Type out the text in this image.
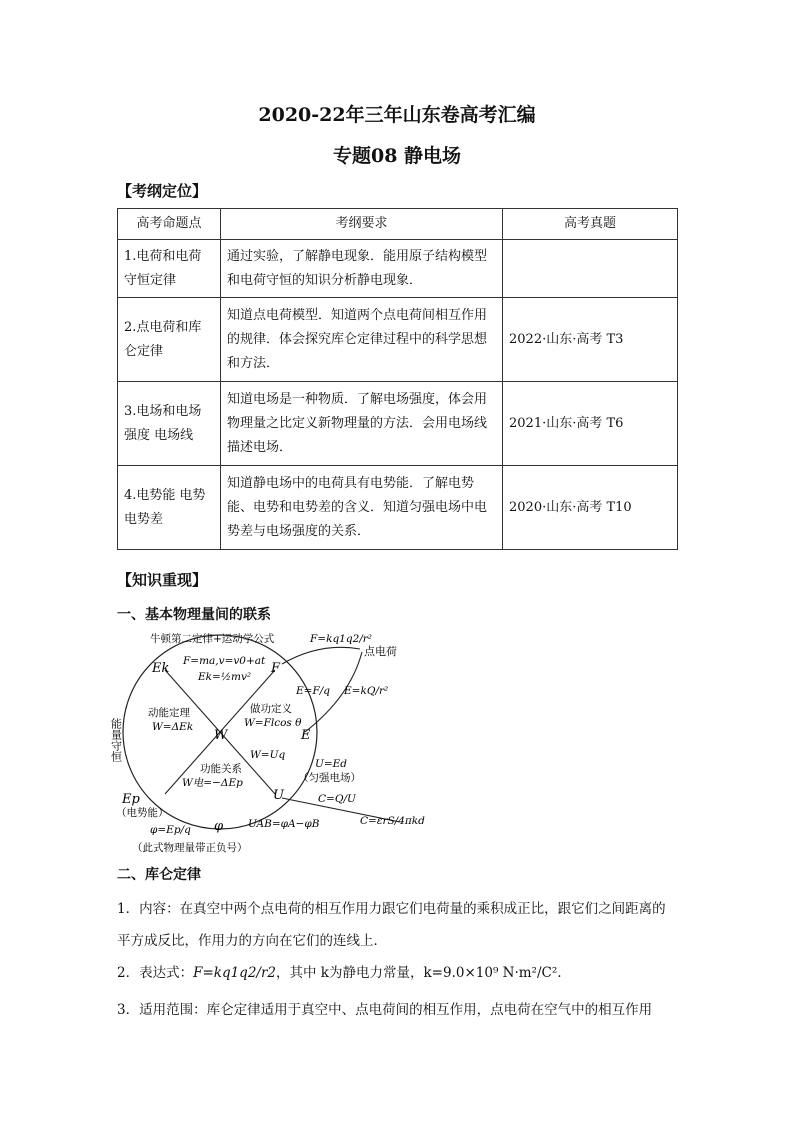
2020-22年三年山东卷高考汇编
专题08 静电场
【考纲定位】
高考命题点	考纲要求	高考真题
1.电荷和电荷守恒定律	通过实验，了解静电现象．能用原子结构模型和电荷守恒的知识分析静电现象．	
2.点电荷和库仑定律	知道点电荷模型．知道两个点电荷间相互作用的规律．体会探究库仑定律过程中的科学思想和方法．	2022·山东·高考 T3
3.电场和电场强度 电场线	知道电场是一种物质．了解电场强度，体会用物理量之比定义新物理量的方法．会用电场线描述电场．	2021·山东·高考 T6
4.电势能 电势 电势差	知道静电场中的电荷具有电势能．了解电势能、电势和电势差的含义．知道匀强电场中电势差与电场强度的关系．	2020·山东·高考 T10
【知识重现】
一、基本物理量间的联系
Ek	F
W	E
U
Ep
φ
点电荷
牛顿第二定律+运动学公式
F=ma,v=v0+at
Ek=½mv²
F=kq1q2/r²
E=F/q E=kQ/r²
做功定义
W=Flcos θ
动能定理
W=ΔEk
W=Uq
功能关系
W电=−ΔEp
U=Ed
（匀强电场）
C=Q/U
C=εrS/4πkd
（电势能）
φ=Ep/q	UAB=φA−φB
（此式物理量带正负号）
能量守恒
二、库仑定律
1．内容：在真空中两个点电荷的相互作用力跟它们电荷量的乘积成正比，跟它们之间距离的平方成反比，作用力的方向在它们的连线上．
2．表达式：F=kq1q2/r2，其中 k为静电力常量，k=9.0×10⁹ N·m²/C².
3．适用范围：库仑定律适用于真空中、点电荷间的相互作用，点电荷在空气中的相互作用
